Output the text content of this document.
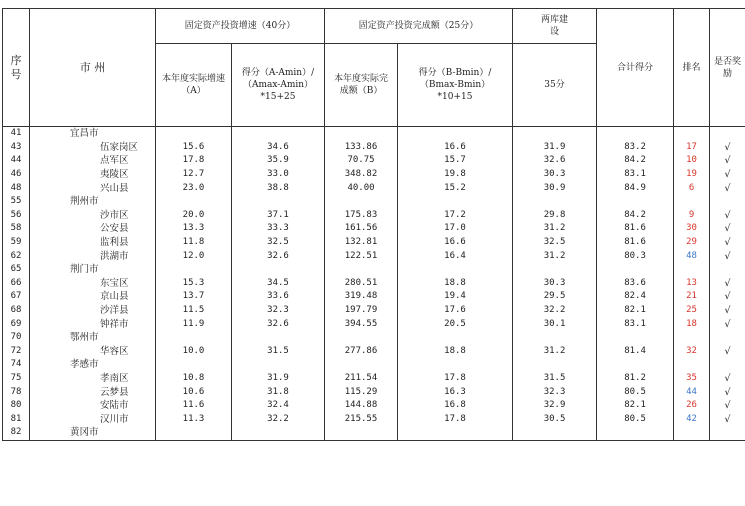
序号	市 州	固定资产投资增速（40分）		固定资产投资完成额（25分）		两库建设	合计得分	排名	是否奖励
		本年度实际增速（A）	得分（A-Amin）/（Amax-Amin）*15+25	本年度实际完成额（B）	得分（B-Bmin）/（Bmax-Bmin）*10+15	35分			
41	宜昌市								
43	伍家岗区	15.6	34.6	133.86	16.6	31.9	83.2	17	√
44	点军区	17.8	35.9	70.75	15.7	32.6	84.2	10	√
46	夷陵区	12.7	33.0	348.82	19.8	30.3	83.1	19	√
48	兴山县	23.0	38.8	40.00	15.2	30.9	84.9	6	√
55	荆州市								
56	沙市区	20.0	37.1	175.83	17.2	29.8	84.2	9	√
58	公安县	13.3	33.3	161.56	17.0	31.2	81.6	30	√
59	监利县	11.8	32.5	132.81	16.6	32.5	81.6	29	√
62	洪湖市	12.0	32.6	122.51	16.4	31.2	80.3	48	√
65	荆门市								
66	东宝区	15.3	34.5	280.51	18.8	30.3	83.6	13	√
67	京山县	13.7	33.6	319.48	19.4	29.5	82.4	21	√
68	沙洋县	11.5	32.3	197.79	17.6	32.2	82.1	25	√
69	钟祥市	11.9	32.6	394.55	20.5	30.1	83.1	18	√
70	鄂州市								
72	华容区	10.0	31.5	277.86	18.8	31.2	81.4	32	√
74	孝感市								
75	孝南区	10.8	31.9	211.54	17.8	31.5	81.2	35	√
78	云梦县	10.6	31.8	115.29	16.3	32.3	80.5	44	√
80	安陆市	11.6	32.4	144.88	16.8	32.9	82.1	26	√
81	汉川市	11.3	32.2	215.55	17.8	30.5	80.5	42	√
82	黄冈市								
